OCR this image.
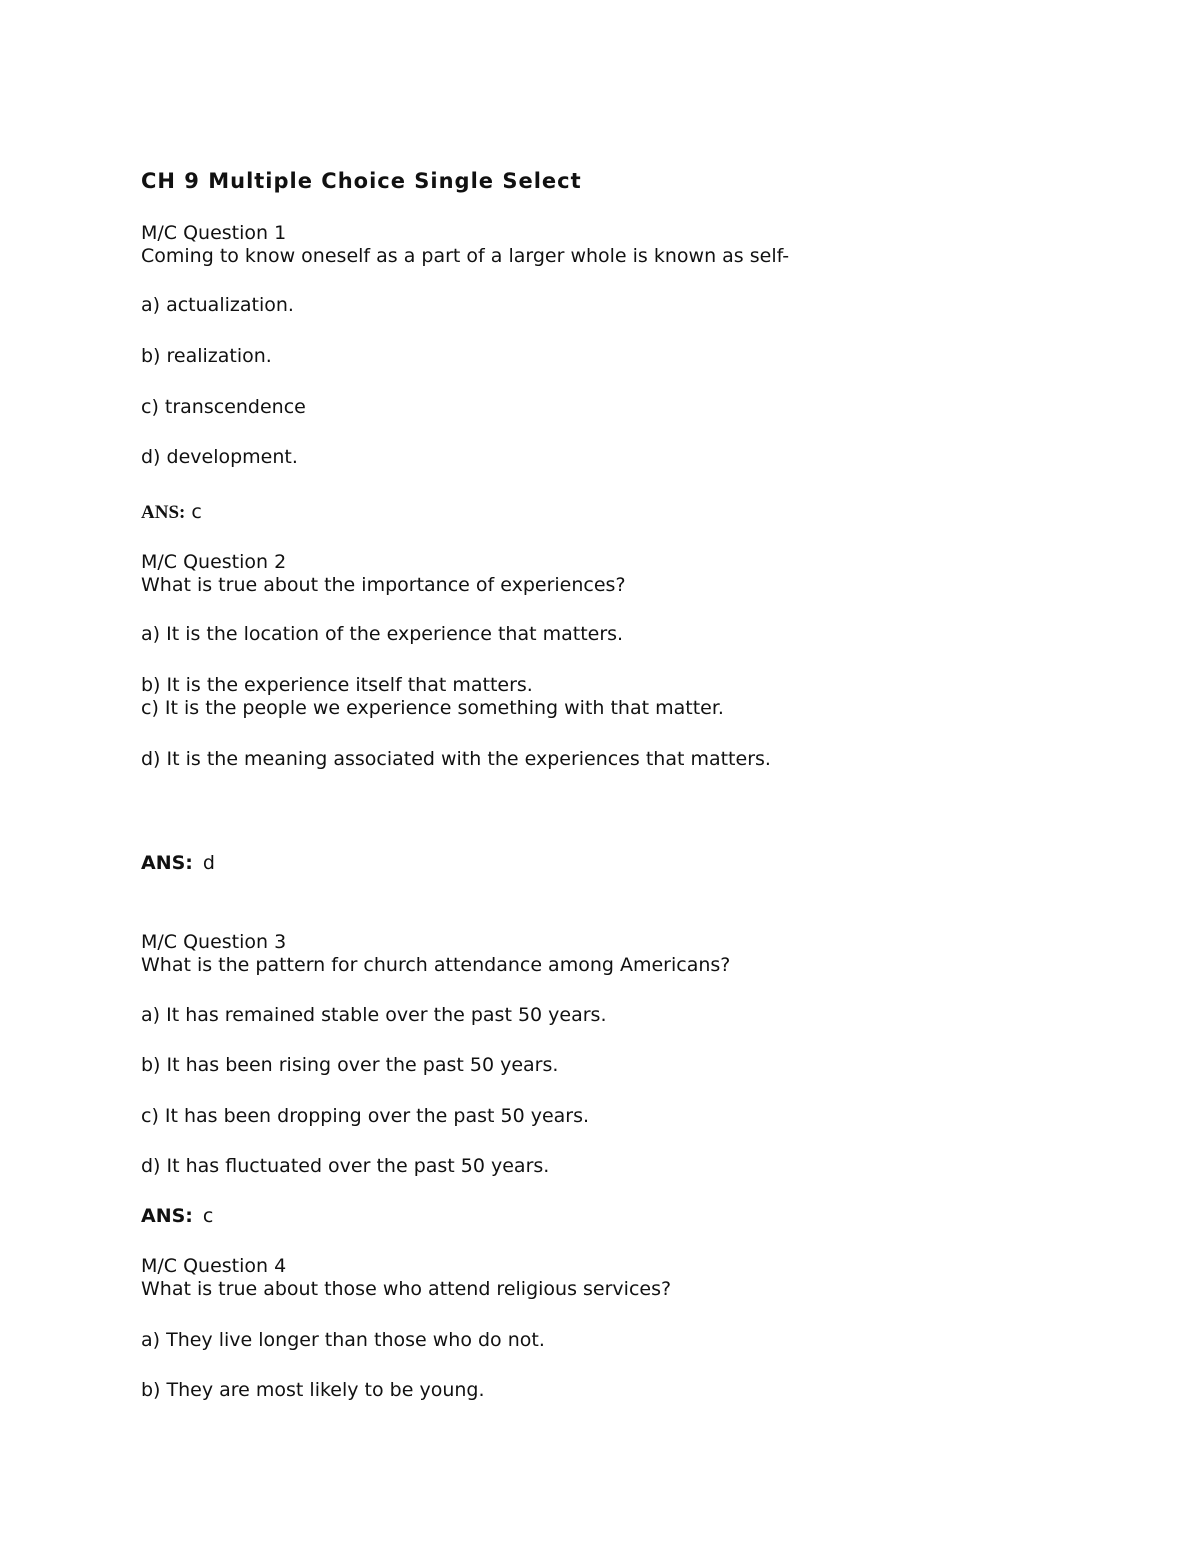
CH 9 Multiple Choice Single Select
M/C Question 1
Coming to know oneself as a part of a larger whole is known as self-
a) actualization.
b) realization.
c) transcendence
d) development.
ANS: c
M/C Question 2
What is true about the importance of experiences?
a) It is the location of the experience that matters.
b) It is the experience itself that matters.
c) It is the people we experience something with that matter.
d) It is the meaning associated with the experiences that matters.
ANS: d
M/C Question 3
What is the pattern for church attendance among Americans?
a) It has remained stable over the past 50 years.
b) It has been rising over the past 50 years.
c) It has been dropping over the past 50 years.
d) It has fluctuated over the past 50 years.
ANS: c
M/C Question 4
What is true about those who attend religious services?
a) They live longer than those who do not.
b) They are most likely to be young.
